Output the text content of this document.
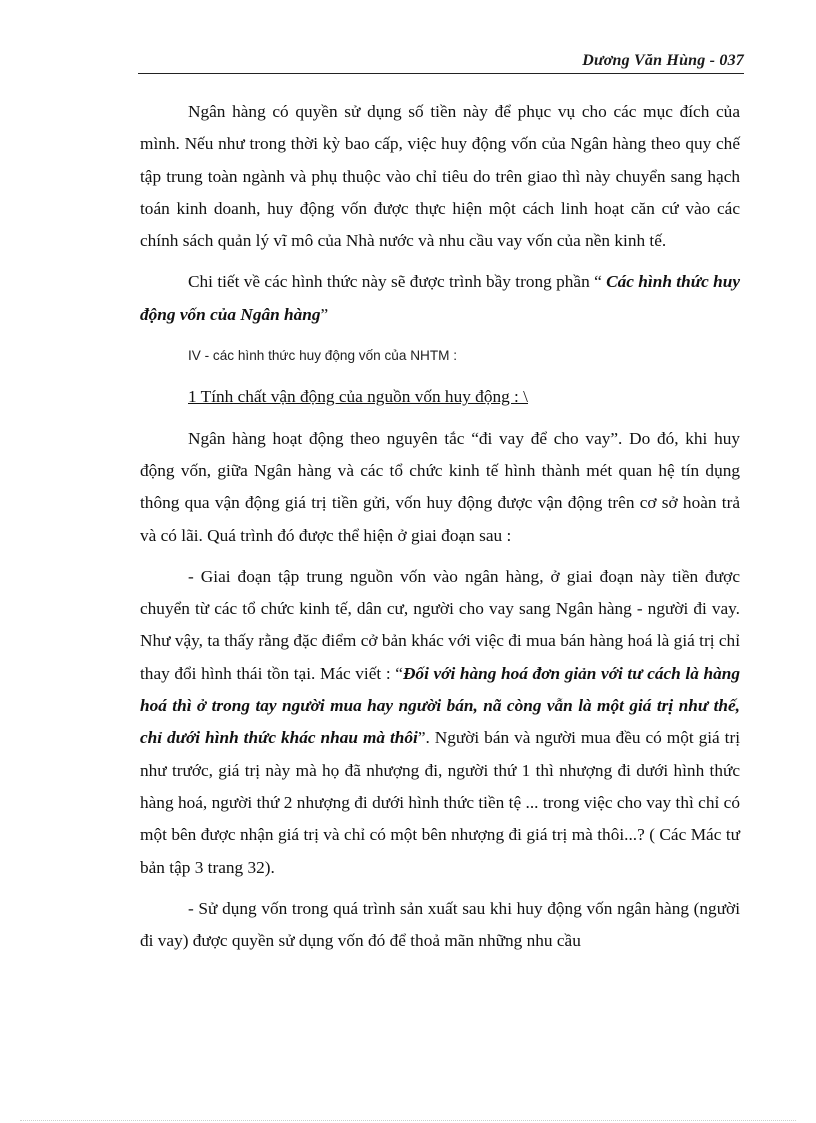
Dương Văn Hùng - 037

Ngân hàng có quyền sử dụng số tiền này để phục vụ cho các mục đích của mình. Nếu như trong thời kỳ bao cấp, việc huy động vốn của Ngân hàng theo quy chế tập trung toàn ngành và phụ thuộc vào chỉ tiêu do trên giao thì này chuyển sang hạch toán kinh doanh, huy động vốn được thực hiện một cách linh hoạt căn cứ vào các chính sách quản lý vĩ mô của Nhà nước và nhu cầu vay vốn của nền kinh tế.

Chi tiết về các hình thức này sẽ được trình bầy trong phần “ Các hình thức huy động vốn của Ngân hàng”

IV - các hình thức huy động vốn của NHTM :

1 Tính chất vận động của nguồn vốn huy động : \

Ngân hàng hoạt động theo nguyên tắc “đi vay để cho vay”. Do đó, khi huy động vốn, giữa Ngân hàng và các tổ chức kinh tế hình thành mét quan hệ tín dụng thông qua vận động giá trị tiền gửi, vốn huy động được vận động trên cơ sở hoàn trả và có lãi. Quá trình đó được thể hiện ở giai đoạn sau :

- Giai đoạn tập trung nguồn vốn vào ngân hàng, ở giai đoạn này tiền được chuyển từ các tổ chức kinh tế, dân cư, người cho vay sang Ngân hàng - người đi vay. Như vậy, ta thấy rằng đặc điểm cở bản khác với việc đi mua bán hàng hoá là giá trị chỉ thay đổi hình thái tồn tại. Mác viết : “Đối với hàng hoá đơn giản với tư cách là hàng hoá thì ở trong tay người mua hay người bán, nã còng vẫn là một giá trị như thế, chỉ dưới hình thức khác nhau mà thôi”. Người bán và người mua đều có một giá trị như trước, giá trị này mà họ đã nhượng đi, người thứ 1 thì nhượng đi dưới hình thức hàng hoá, người thứ 2 nhượng đi dưới hình thức tiền tệ ... trong việc cho vay thì chỉ có một bên được nhận giá trị và chỉ có một bên nhượng đi giá trị mà thôi...? ( Các Mác tư bản tập 3 trang 32).

- Sử dụng vốn trong quá trình sản xuất sau khi huy động vốn ngân hàng (người đi vay) được quyền sử dụng vốn đó để thoả mãn những nhu cầu
